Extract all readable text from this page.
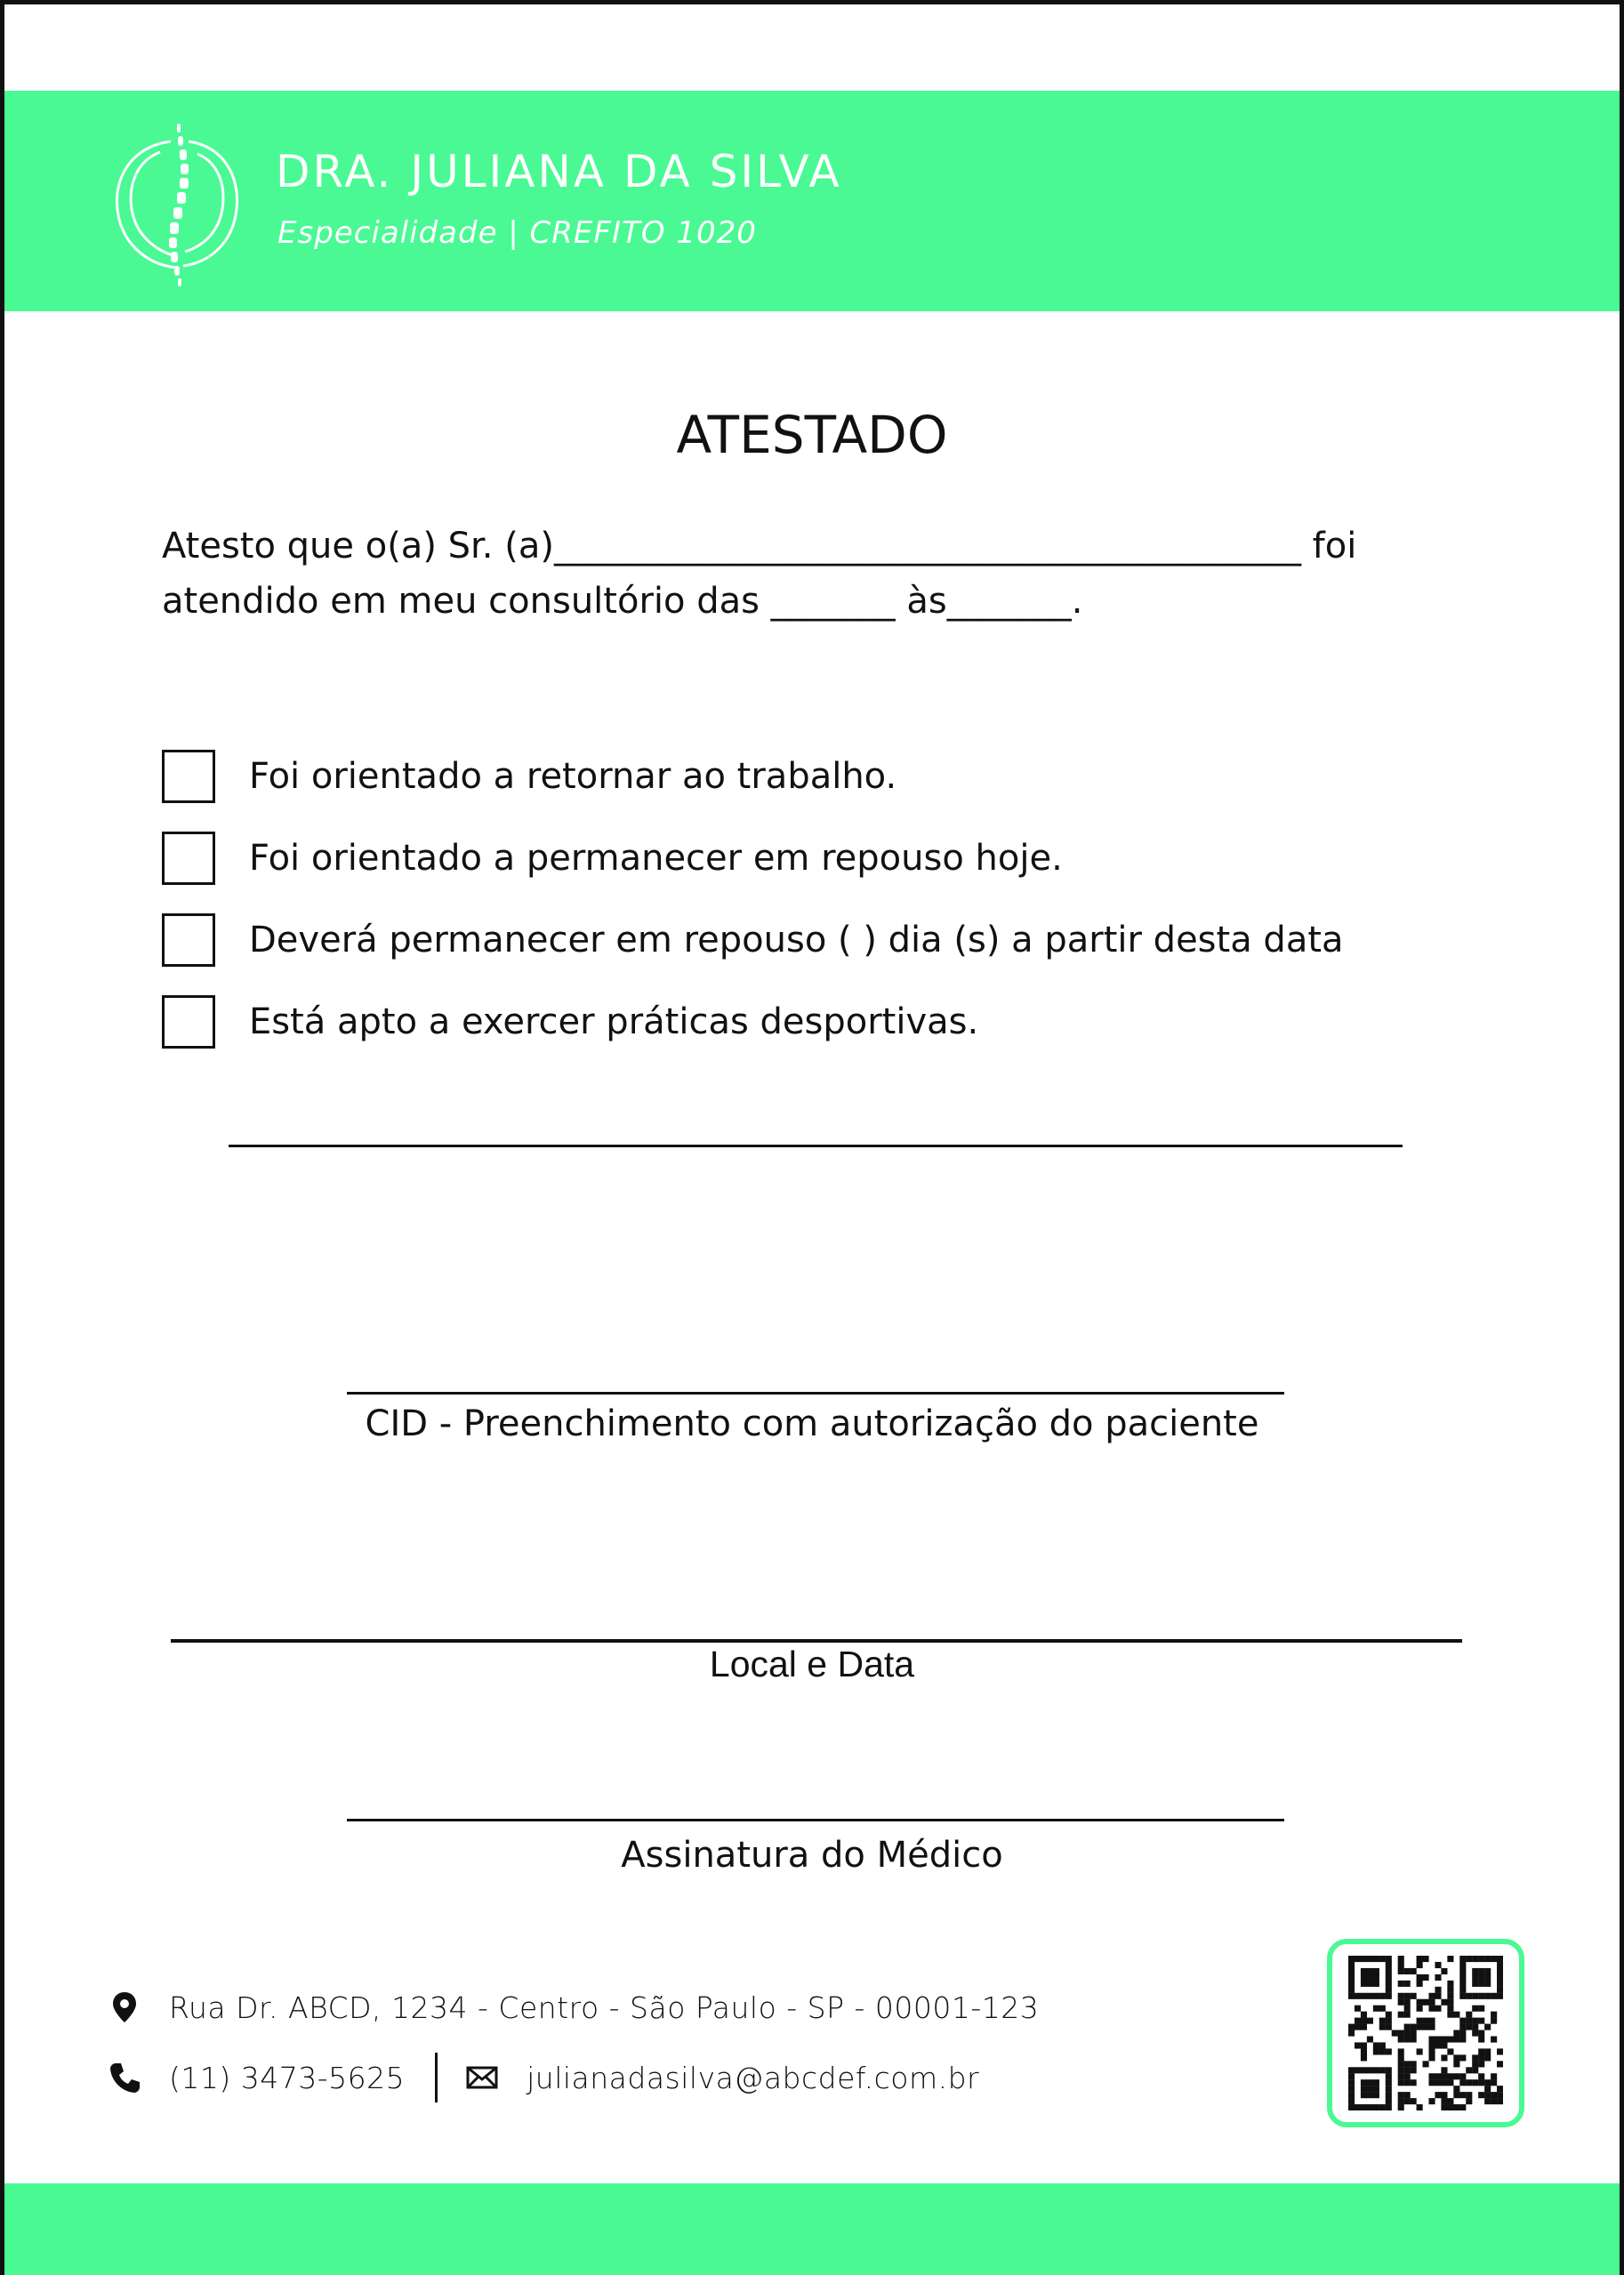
DRA. JULIANA DA SILVA
Especialidade | CREFITO 1020
ATESTADO
Atesto que o(a) Sr. (a)__________________________________________ foi
atendido em meu consultório das _______ às_______.
Foi orientado a retornar ao trabalho.
Foi orientado a permanecer em repouso hoje.
Deverá permanecer em repouso ( ) dia (s) a partir desta data
Está apto a exercer práticas desportivas.
CID - Preenchimento com autorização do paciente
Local e Data
Assinatura do Médico
Rua Dr. ABCD, 1234 - Centro - São Paulo - SP - 00001-123
(11) 3473-5625	julianadasilva@abcdef.com.br
